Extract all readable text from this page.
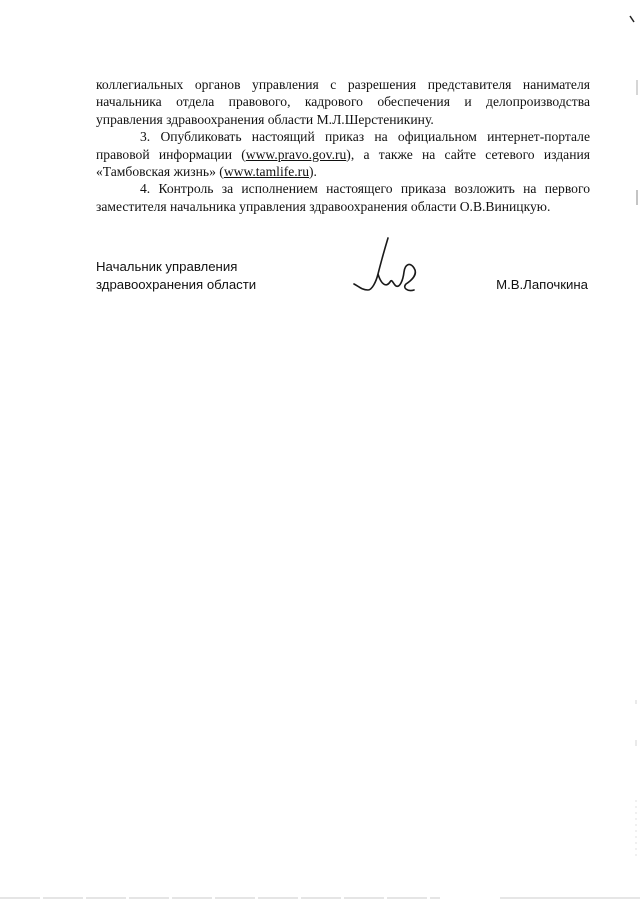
коллегиальных органов управления с разрешения представителя нанимателя
начальника отдела правового, кадрового обеспечения и делопроизводства
управления здравоохранения области М.Л.Шерстеникину.
3. Опубликовать настоящий приказ на официальном интернет-портале
правовой информации (www.pravo.gov.ru), а также на сайте сетевого издания
«Тамбовская жизнь» (www.tamlife.ru).
4. Контроль за исполнением настоящего приказа возложить на первого
заместителя начальника управления здравоохранения области О.В.Виницкую.
Начальник управления
здравоохранения области	М.В.Лапочкина
